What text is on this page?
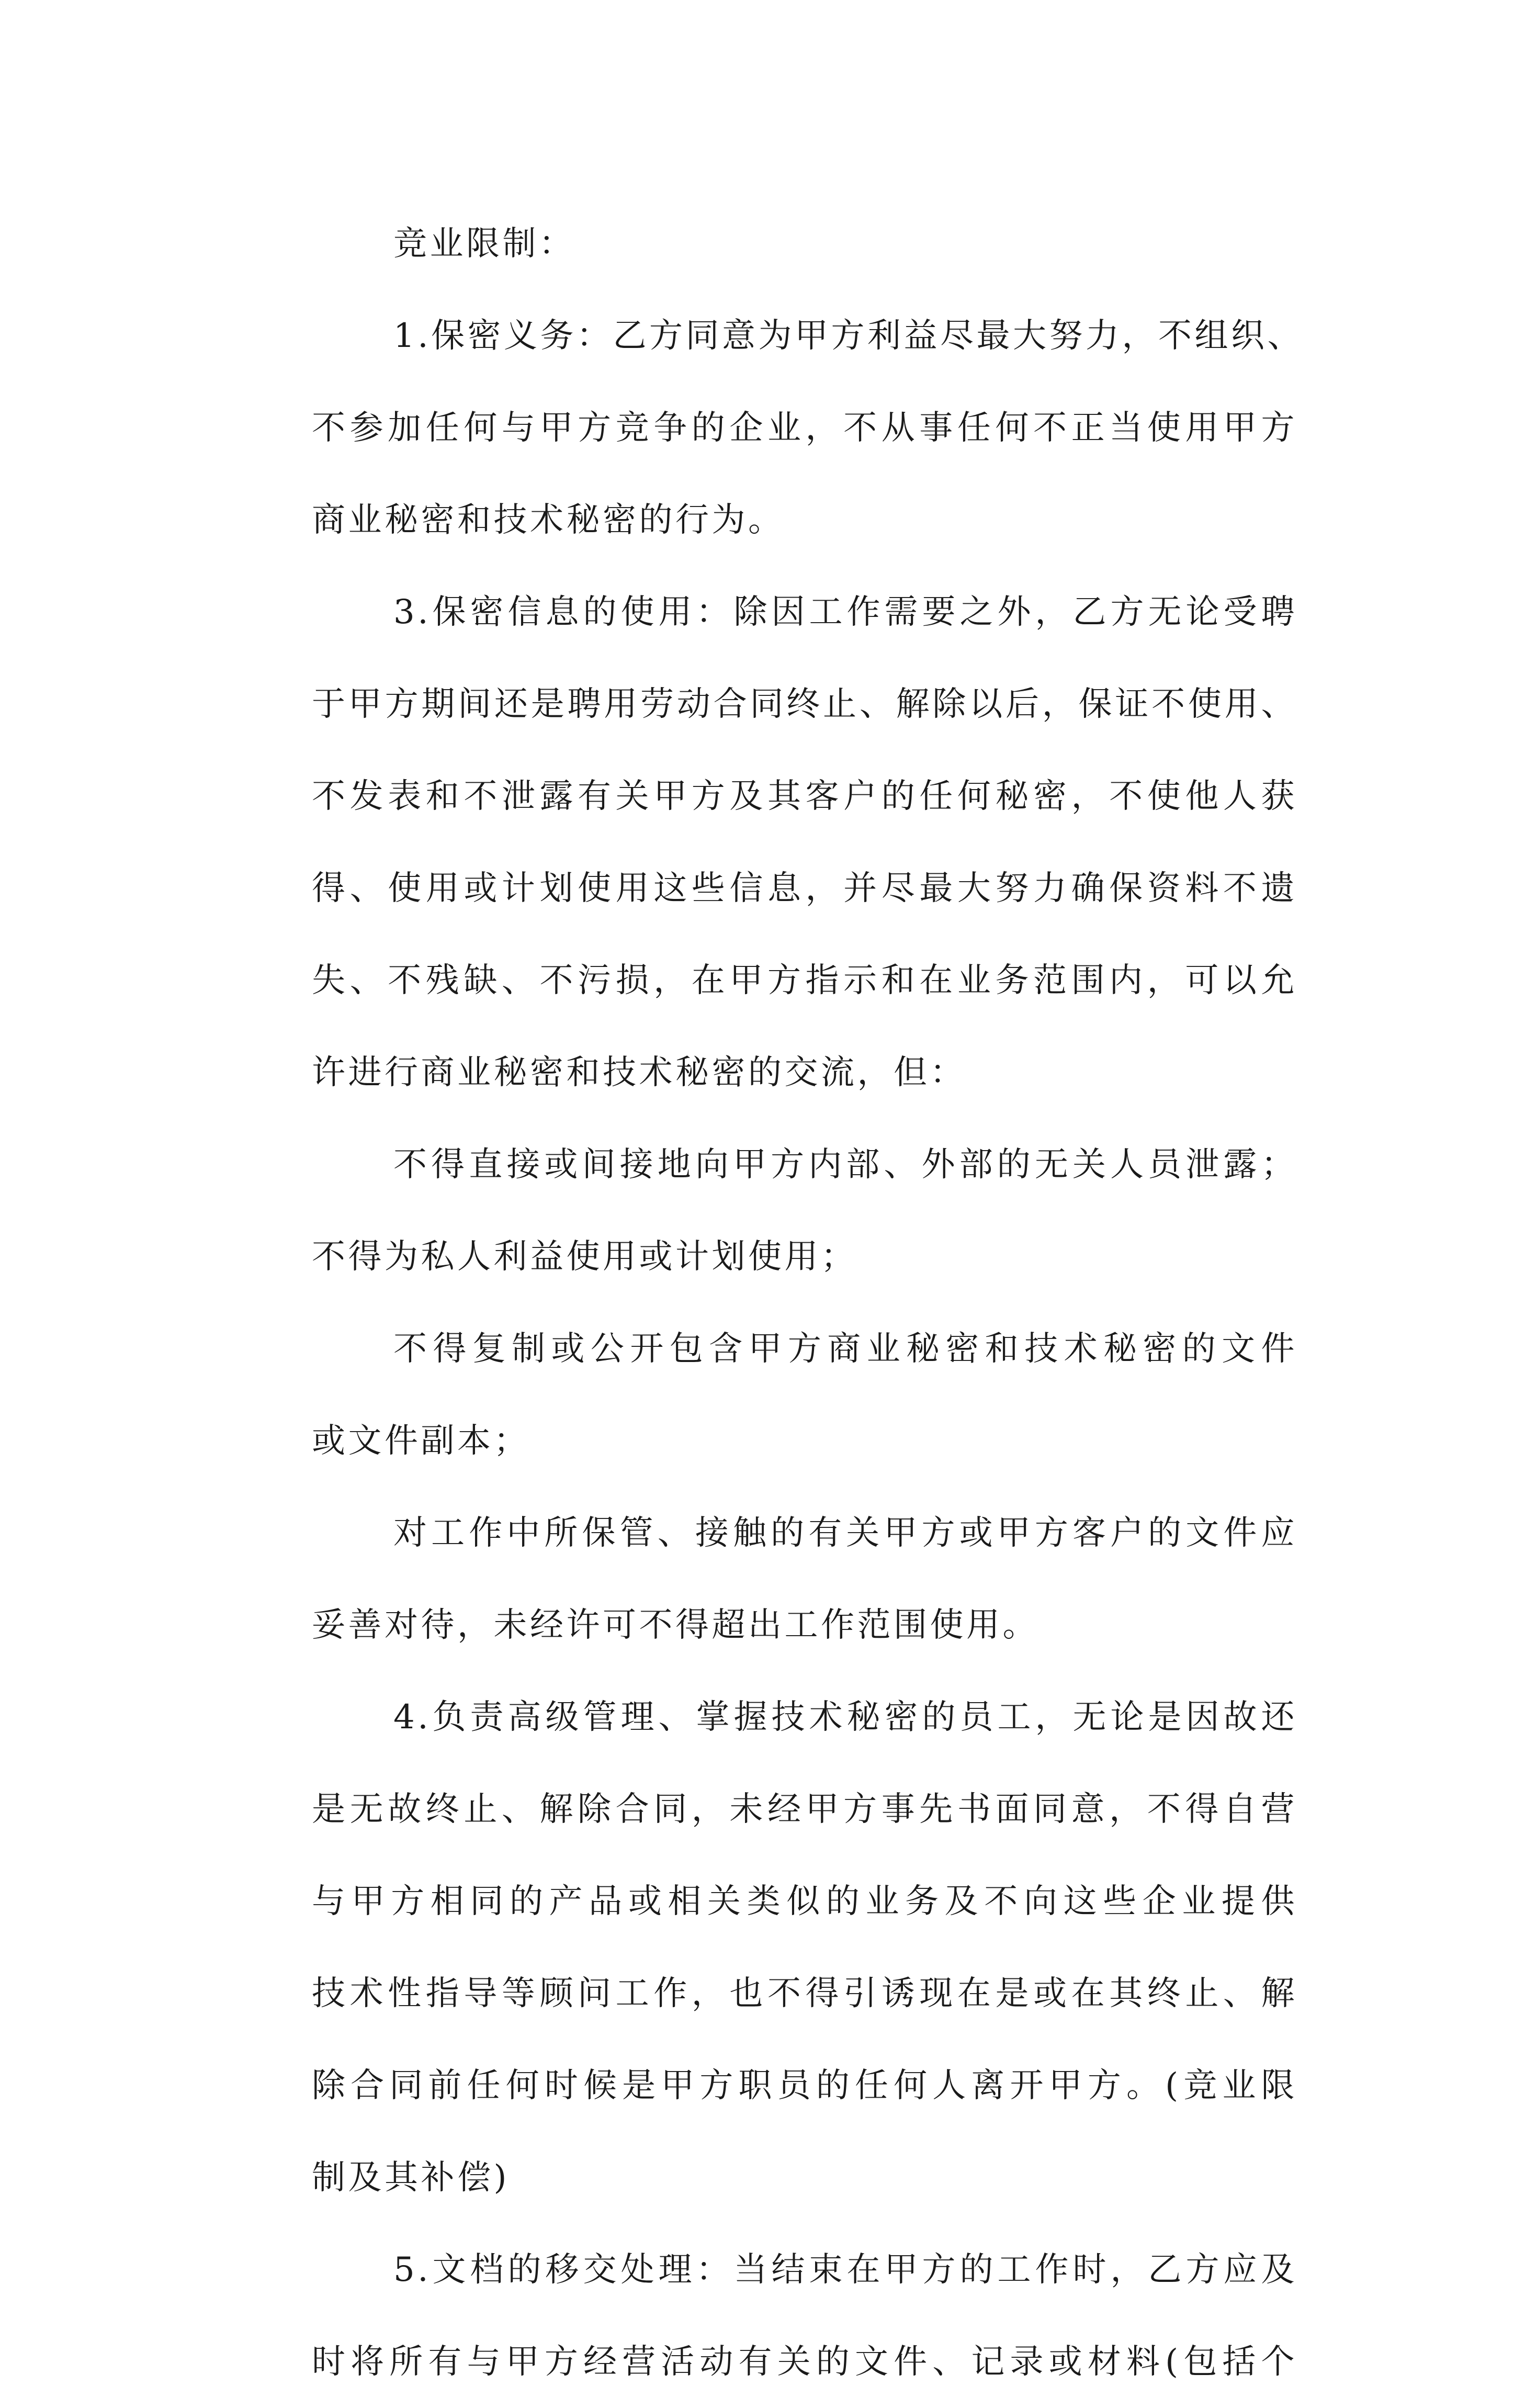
竞业限制：
1.保密义务：乙方同意为甲方利益尽最大努力，不组织、
不参加任何与甲方竞争的企业，不从事任何不正当使用甲方
商业秘密和技术秘密的行为。
3.保密信息的使用：除因工作需要之外，乙方无论受聘
于甲方期间还是聘用劳动合同终止、解除以后，保证不使用、
不发表和不泄露有关甲方及其客户的任何秘密，不使他人获
得、使用或计划使用这些信息，并尽最大努力确保资料不遗
失、不残缺、不污损，在甲方指示和在业务范围内，可以允
许进行商业秘密和技术秘密的交流，但：
不得直接或间接地向甲方内部、外部的无关人员泄露；
不得为私人利益使用或计划使用；
不得复制或公开包含甲方商业秘密和技术秘密的文件
或文件副本；
对工作中所保管、接触的有关甲方或甲方客户的文件应
妥善对待，未经许可不得超出工作范围使用。
4.负责高级管理、掌握技术秘密的员工，无论是因故还
是无故终止、解除合同，未经甲方事先书面同意，不得自营
与甲方相同的产品或相关类似的业务及不向这些企业提供
技术性指导等顾问工作，也不得引诱现在是或在其终止、解
除合同前任何时候是甲方职员的任何人离开甲方。(竞业限
制及其补偿)
5.文档的移交处理：当结束在甲方的工作时，乙方应及
时将所有与甲方经营活动有关的文件、记录或材料(包括个
